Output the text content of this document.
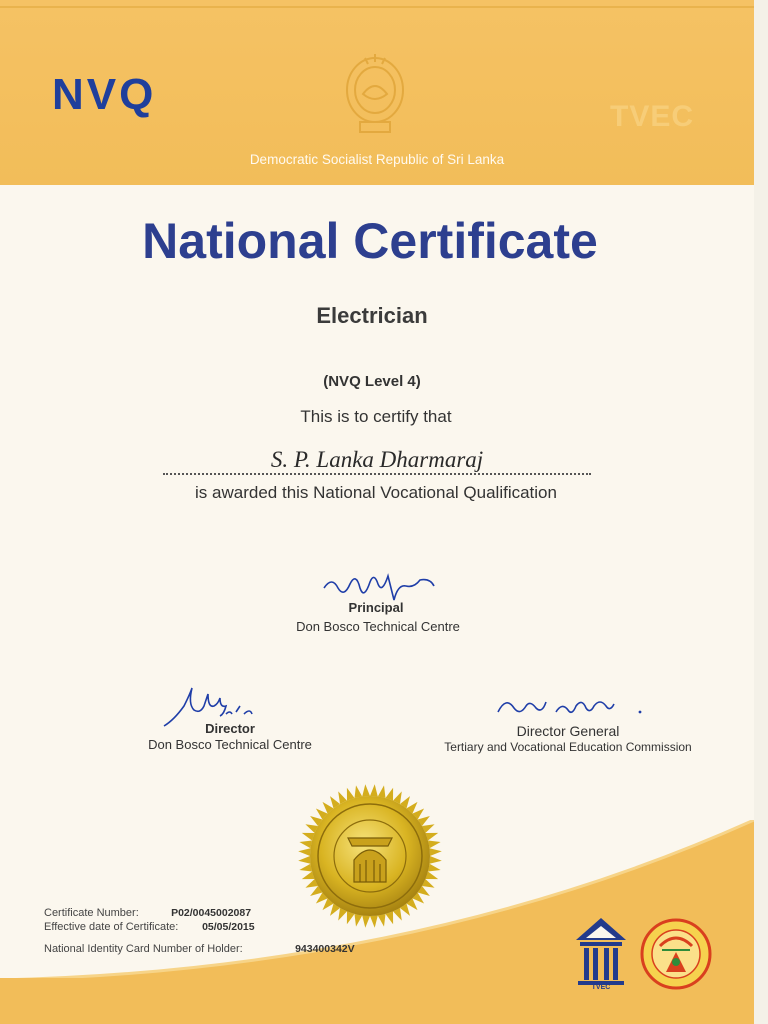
NVQ	TVEC
Democratic Socialist Republic of Sri Lanka
National Certificate
Electrician
(NVQ Level 4)
This is to certify that
S. P. Lanka Dharmaraj
is awarded this National Vocational Qualification
Principal
Don Bosco Technical Centre
Director
Don Bosco Technical Centre
Director General
Tertiary and Vocational Education Commission
Certificate Number:	P02/0045002087
Effective date of Certificate: 05/05/2015
National Identity Card Number of Holder:	943400342V
TVEC
